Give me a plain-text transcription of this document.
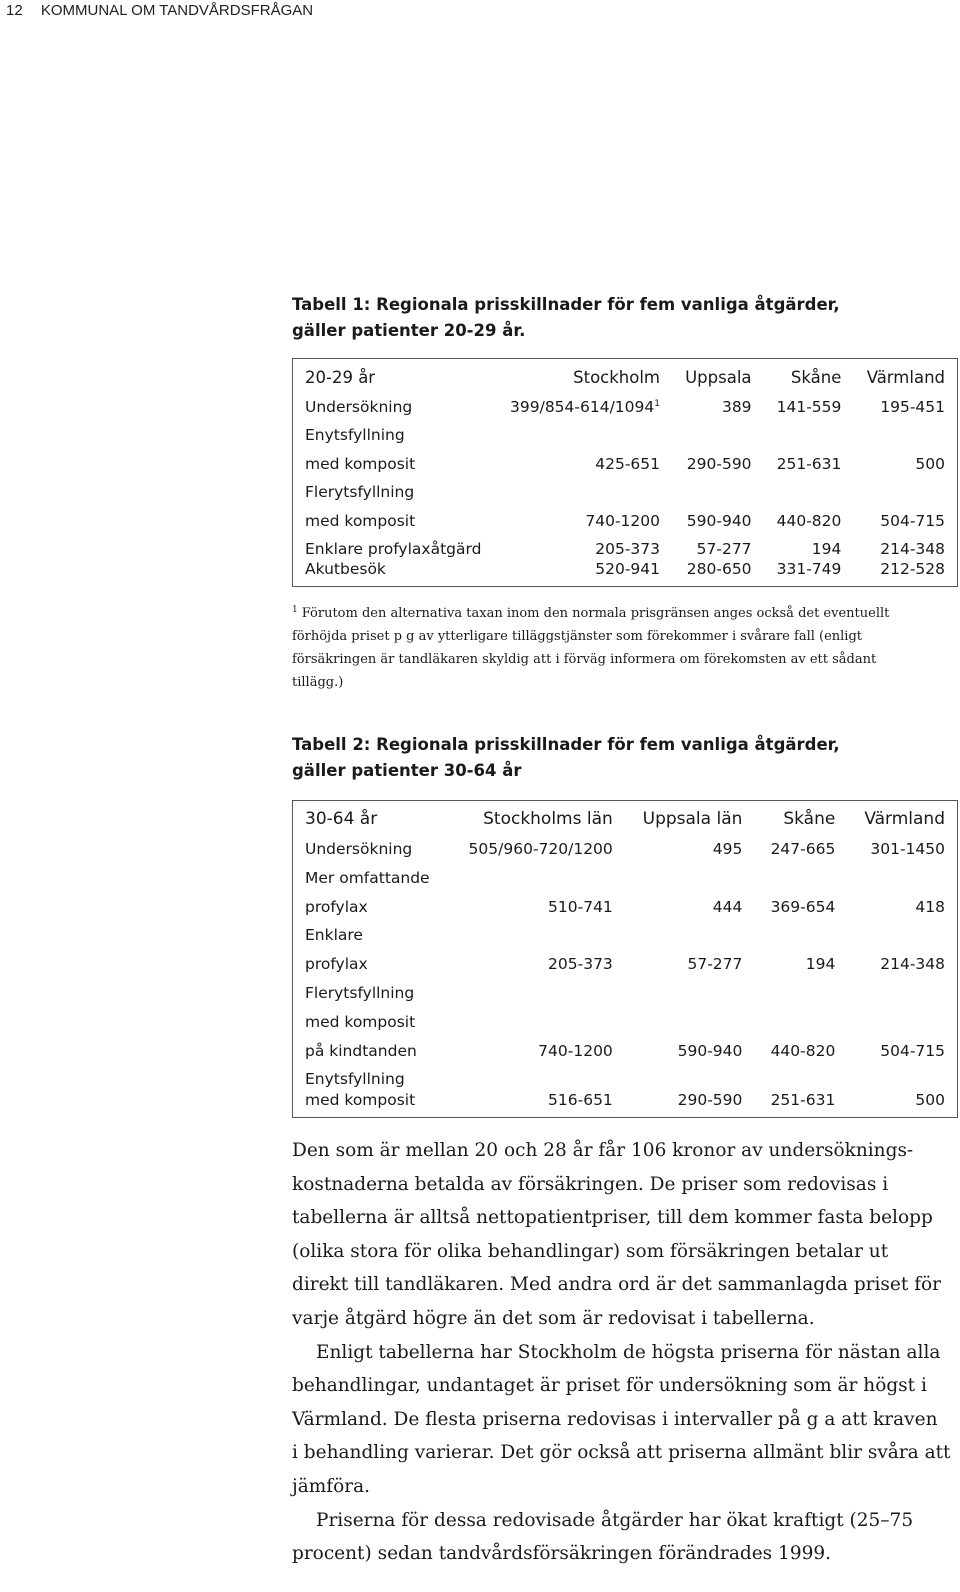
12 KOMMUNAL OM TANDVÅRDSFRÅGAN
Tabell 1: Regionala prisskillnader för fem vanliga åtgärder,
gäller patienter 20-29 år.
20-29 år	Stockholm	Uppsala	Skåne	Värmland
Undersökning	399/854-614/1094$^1$	389	141-559	195-451
Enytsfyllning				
med komposit	425-651	290-590	251-631	500
Flerytsfyllning				
med komposit	740-1200	590-940	440-820	504-715
Enklare profylaxåtgärd	205-373	57-277	194	214-348
Akutbesök	520-941	280-650	331-749	212-528
$^1$ Förutom den alternativa taxan inom den normala prisgränsen anges också det eventuellt
förhöjda priset p g av ytterligare tilläggstjänster som förekommer i svårare fall (enligt
försäkringen är tandläkaren skyldig att i förväg informera om förekomsten av ett sådant
tillägg.)
Tabell 2: Regionala prisskillnader för fem vanliga åtgärder,
gäller patienter 30-64 år
30-64 år	Stockholms län	Uppsala län	Skåne	Värmland
Undersökning	505/960-720/1200	495	247-665	301-1450
Mer omfattande				
profylax	510-741	444	369-654	418
Enklare				
profylax	205-373	57-277	194	214-348
Flerytsfyllning				
med komposit				
på kindtanden	740-1200	590-940	440-820	504-715
Enytsfyllning				
med komposit	516-651	290-590	251-631	500

Den som är mellan 20 och 28 år får 106 kronor av undersöknings-
kostnaderna betalda av försäkringen. De priser som redovisas i
tabellerna är alltså nettopatientpriser, till dem kommer fasta belopp
(olika stora för olika behandlingar) som försäkringen betalar ut
direkt till tandläkaren. Med andra ord är det sammanlagda priset för
varje åtgärd högre än det som är redovisat i tabellerna.

Enligt tabellerna har Stockholm de högsta priserna för nästan alla
behandlingar, undantaget är priset för undersökning som är högst i
Värmland. De flesta priserna redovisas i intervaller på g a att kraven
i behandling varierar. Det gör också att priserna allmänt blir svåra att
jämföra.

Priserna för dessa redovisade åtgärder har ökat kraftigt (25–75
procent) sedan tandvårdsförsäkringen förändrades 1999.
